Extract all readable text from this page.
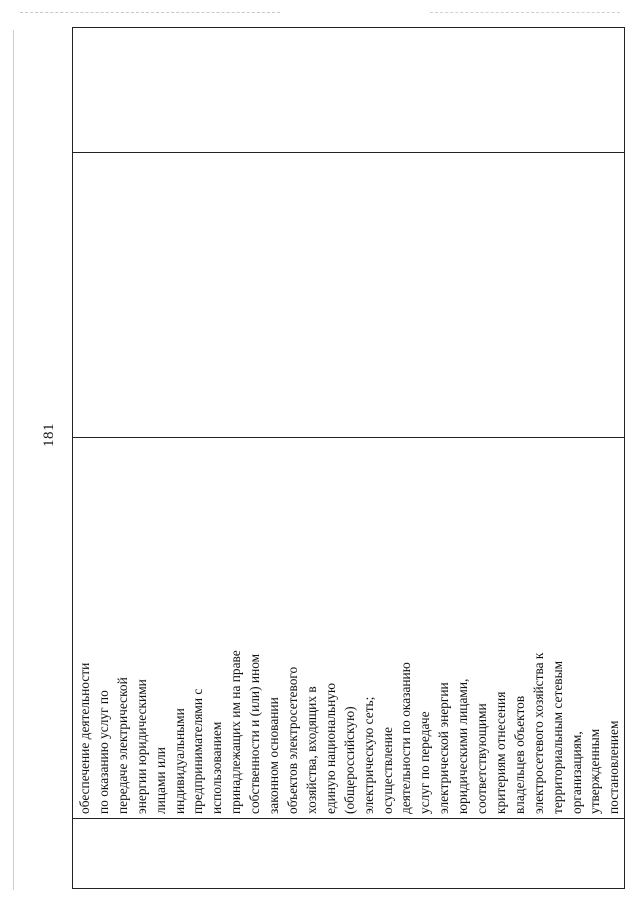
181

обеспечение деятельности по оказанию услуг по передаче электрической энергии юридическими лицами или индивидуальными предпринимателями с использованием принадлежащих им на праве собственности и (или) ином законном основании объектов электросетевого хозяйства, входящих в единую национальную (общероссийскую) электрическую сеть; осуществление деятельности по оказанию услуг по передаче электрической энергии юридическими лицами, соответствующими критериям отнесения владельцев объектов электросетевого хозяйства к территориальным сетевым организациям, утвержденным постановлением
